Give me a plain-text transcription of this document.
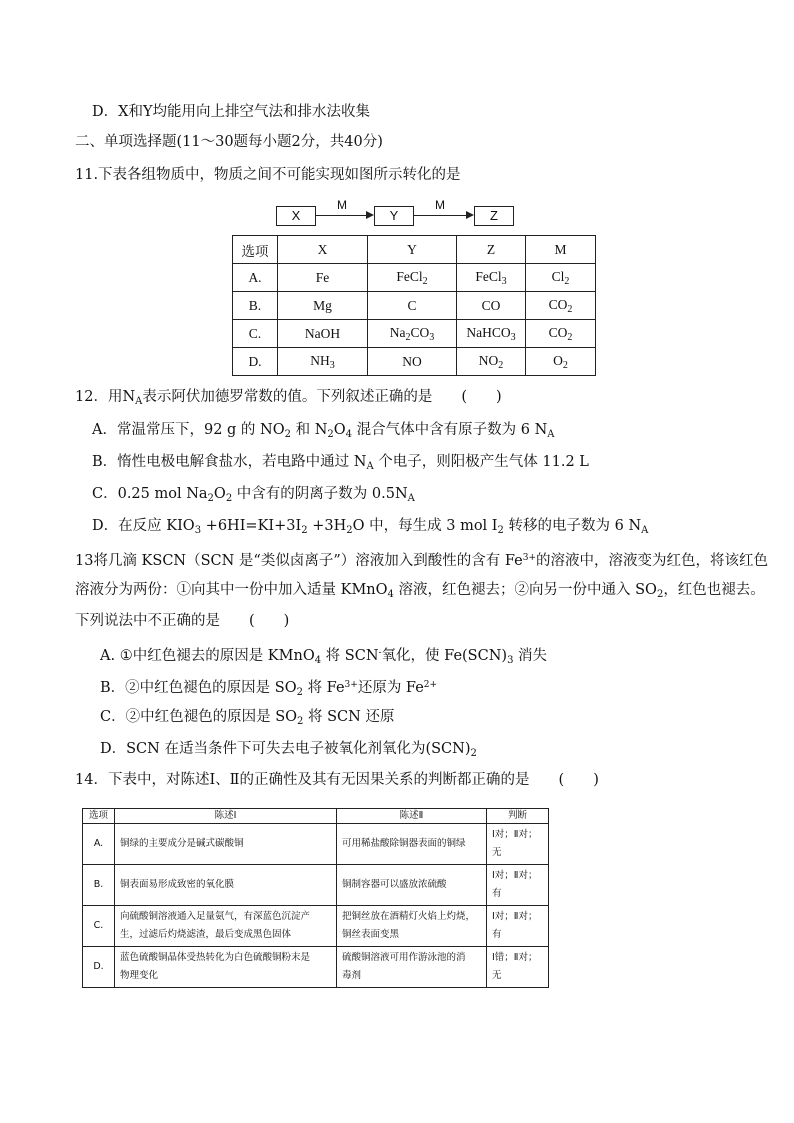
D．X和Y均能用向上排空气法和排水法收集
二、单项选择题(11～30题每小题2分，共40分)
11.下表各组物质中，物质之间不可能实现如图所示转化的是
X
M
Y
M
Z
选项	X	Y	Z	M
A.	Fe	FeCl$_2$	FeCl$_3$	$Cl_2$
B.	Mg	C	CO	$CO_2$
C.	NaOH	$Na_2CO_3$	NaHCO$_3$	$CO_2$
D.	$NH_3$	NO	$NO_2$	$O_2$
12．用$N_A$表示阿伏加德罗常数的值。下列叙述正确的是　　(　　)
A．常温常压下，92 g 的 $NO_2$ 和 $N_2O_4$ 混合气体中含有原子数为 6 $N_A$
B．惰性电极电解食盐水，若电路中通过 $N_A$ 个电子，则阳极产生气体 11.2 L
C．0.25 mol $Na_2O_2$ 中含有的阴离子数为 $0.5N_A$
D．在反应 $KIO_3 +6HI=KI+3I_2 +3H_2O$ 中，每生成 3 mol $I_2$ 转移的电子数为 6 $N_A$
13将几滴 KSCN（SCN 是“类似卤离子”）溶液加入到酸性的含有 $Fe^{3+}$的溶液中，溶液变为红色，将该红色
溶液分为两份：①向其中一份中加入适量 KMnO$_4$ 溶液，红色褪去；②向另一份中通入 $SO_2$，红色也褪去。
下列说法中不正确的是　　(　　)
A. ①中红色褪去的原因是 KMnO$_4$ 将 SCN-氧化，使 $Fe(SCN)_3$ 消失
B．②中红色褪色的原因是 $SO_2$ 将 $Fe^{3+}$还原为 $Fe^{2+}$
C．②中红色褪色的原因是 $SO_2$ 将 SCN 还原
D．SCN 在适当条件下可失去电子被氧化剂氧化为$(SCN)_2$
14．下表中，对陈述Ⅰ、Ⅱ的正确性及其有无因果关系的判断都正确的是　　(　　)
选项	陈述Ⅰ	陈述Ⅱ	判断
A.	铜绿的主要成分是碱式碳酸铜	可用稀盐酸除铜器表面的铜绿	Ⅰ对；Ⅱ对；
无
B.	铜表面易形成致密的氧化膜	铜制容器可以盛放浓硫酸	Ⅰ对；Ⅱ对；
有
C.	向硫酸铜溶液通入足量氨气，有深蓝色沉淀产
生，过滤后灼烧滤渣，最后变成黑色固体	把铜丝放在酒精灯火焰上灼烧，
铜丝表面变黑	Ⅰ对；Ⅱ对；
有
D.	蓝色硫酸铜晶体受热转化为白色硫酸铜粉末是
物理变化	硫酸铜溶液可用作游泳池的消
毒剂	Ⅰ错；Ⅱ对；
无
